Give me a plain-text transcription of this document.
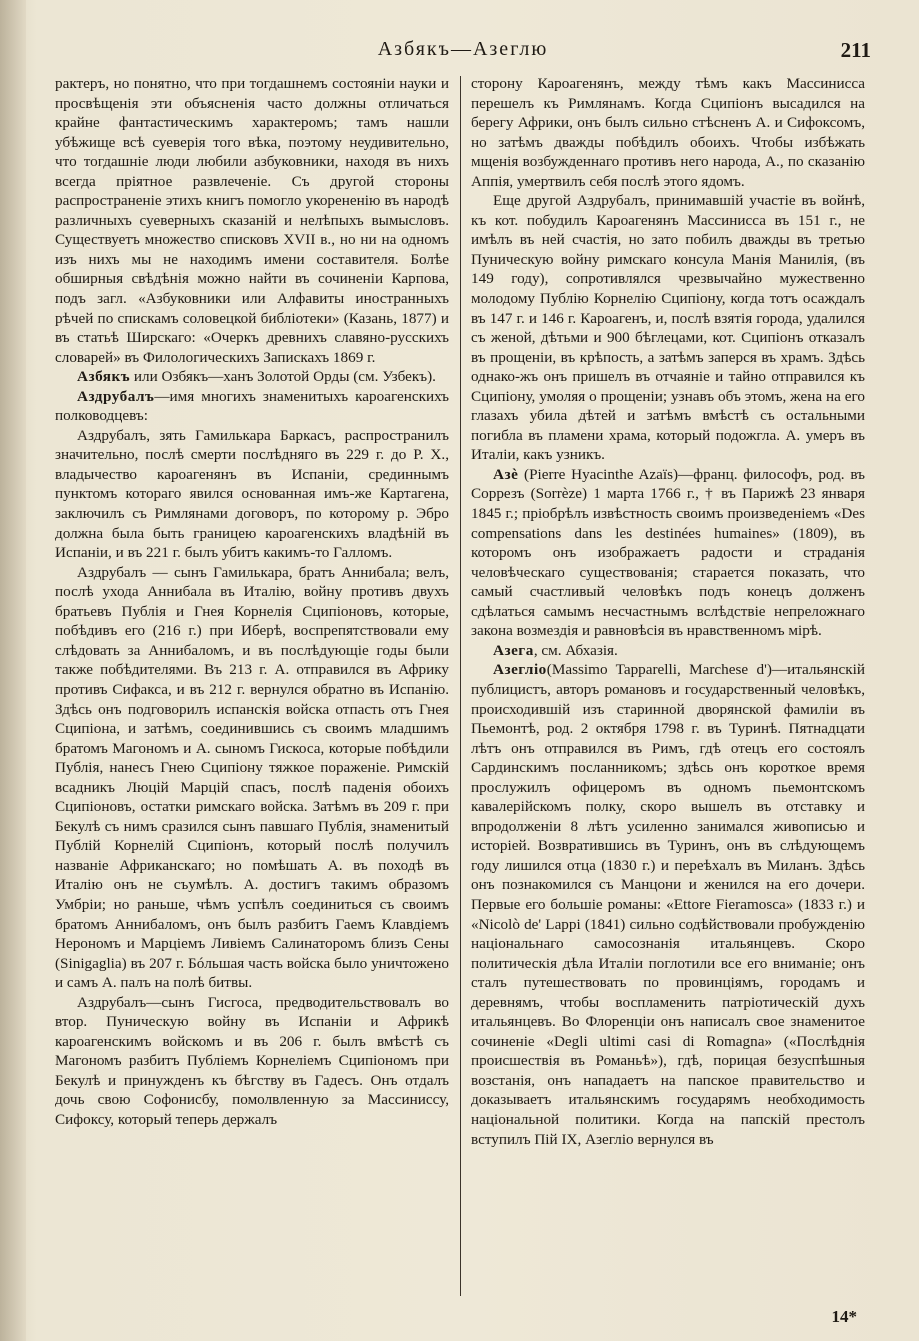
Азбякъ—Азеглю	211

рактеръ, но понятно, что при тогдашнемъ состоянiи науки и просвѣщенiя эти объясненiя часто должны отличаться крайне фантастическимъ характеромъ; тамъ нашли убѣжище всѣ суеверiя того вѣка, поэтому неудивительно, что тогдашнiе люди любили азбуковники, находя въ нихъ всегда прiятное развлеченiе. Съ другой стороны распространенiе этихъ книгъ помогло укорененiю въ народѣ различныхъ суеверныхъ сказанiй и нелѣпыхъ вымысловъ. Существуетъ множество списковъ XVII в., но ни на одномъ изъ нихъ мы не находимъ имени составителя. Болѣе обширныя свѣдѣнiя можно найти въ сочиненiи Карпова, подъ загл. «Азбуковники или Алфавиты иностранныхъ рѣчей по спискамъ соловецкой библiотеки» (Казань, 1877) и въ статьѣ Ширскаго: «Очеркъ древнихъ славяно-русскихъ словарей» въ Филологическихъ Запискахъ 1869 г.

Азбякъ или Озбякъ—ханъ Золотой Орды (см. Узбекъ).

Аздрубалъ—имя многихъ знаменитыхъ кароагенскихъ полководцевъ:

Аздрубалъ, зять Гамилькара Баркасъ, распространилъ значительно, послѣ смерти послѣдняго въ 229 г. до Р. Х., владычество кароагенянъ въ Испанiи, срединнымъ пунктомъ котораго явился основанная имъ-же Картагена, заключилъ съ Римлянами договоръ, по которому р. Эбро должна была быть границею кароагенскихъ владѣнiй въ Испанiи, и въ 221 г. былъ убитъ какимъ-то Галломъ.

Аздрубалъ — сынъ Гамилькара, братъ Аннибала; велъ, послѣ ухода Аннибала въ Италiю, войну противъ двухъ братьевъ Публiя и Гнея Корнелiя Сципiоновъ, которые, побѣдивъ его (216 г.) при Иберѣ, воспрепятствовали ему слѣдовать за Аннибаломъ, и въ послѣдующiе годы были также побѣдителями. Въ 213 г. А. отправился въ Африку противъ Сифакса, и въ 212 г. вернулся обратно въ Испанiю. Здѣсь онъ подговорилъ испанскiя войска отпасть отъ Гнея Сципiона, и затѣмъ, соединившись съ своимъ младшимъ братомъ Магономъ и А. сыномъ Гискоса, которые побѣдили Публiя, нанесъ Гнею Сципiону тяжкое пораженiе. Римскiй всадникъ Люцiй Марцiй спасъ, послѣ паденiя обоихъ Сципiоновъ, остатки римскаго войска. Затѣмъ въ 209 г. при Бекулѣ съ нимъ сразился сынъ павшаго Публiя, знаменитый Публiй Корнелiй Сципiонъ, который послѣ получилъ названiе Африканскаго; но помѣшать А. въ походѣ въ Италiю онъ не съумѣлъ. А. достигъ такимъ образомъ Умбрiи; но раньше, чѣмъ успѣлъ соединиться съ своимъ братомъ Аннибаломъ, онъ былъ разбитъ Гаемъ Клавдiемъ Нерономъ и Марцiемъ Ливiемъ Салинаторомъ близъ Сены (Sinigaglia) въ 207 г. Бóльшая часть войска было уничтожено и самъ А. палъ на полѣ битвы.

Аздрубалъ—сынъ Гисгоса, предводительствовалъ во втор. Пуническую войну въ Испанiи и Африкѣ кароагенскимъ войскомъ и въ 206 г. былъ вмѣстѣ съ Магономъ разбитъ Публiемъ Корнелiемъ Сципiономъ при Бекулѣ и принужденъ къ бѣгству въ Гадесъ. Онъ отдалъ дочь свою Софонисбу, помолвленную за Массиниссу, Сифоксу, который теперь держалъ

сторону Кароагенянъ, между тѣмъ какъ Массинисса перешелъ къ Римлянамъ. Когда Сципiонъ высадился на берегу Африки, онъ былъ сильно стѣсненъ А. и Сифоксомъ, но затѣмъ дважды побѣдилъ обоихъ. Чтобы избѣжать мщенiя возбужденнаго противъ него народа, А., по сказанiю Аппiя, умертвилъ себя послѣ этого ядомъ.

Еще другой Аздрубалъ, принимавшiй участiе въ войнѣ, къ кот. побудилъ Кароагенянъ Массинисса въ 151 г., не имѣлъ въ ней счастiя, но зато побилъ дважды въ третью Пуническую войну римскаго консула Манiя Манилiя, (въ 149 году), сопротивлялся чрезвычайно мужественно молодому Публiю Корнелiю Сципiону, когда тотъ осаждалъ въ 147 г. и 146 г. Кароагенъ, и, послѣ взятiя города, удалился съ женой, дѣтьми и 900 бѣглецами, кот. Сципiонъ отказалъ въ прощенiи, въ крѣпость, а затѣмъ заперся въ храмъ. Здѣсь однако-жъ онъ пришелъ въ отчаянiе и тайно отправился къ Сципiону, умоляя о прощенiи; узнавъ объ этомъ, жена на его глазахъ убила дѣтей и затѣмъ вмѣстѣ съ остальными погибла въ пламени храма, который подожгла. А. умеръ въ Италiи, какъ узникъ.

Азè (Pierre Hyacinthe Azaïs)—франц. философъ, род. въ Соррезъ (Sorrèze) 1 марта 1766 г., † въ Парижѣ 23 января 1845 г.; прiобрѣлъ извѣстность своимъ произведенiемъ «Des compensations dans les destinées humaines» (1809), въ которомъ онъ изображаетъ радости и страданiя человѣческаго существованiя; старается показать, что самый счастливый человѣкъ подъ конецъ долженъ сдѣлаться самымъ несчастнымъ вслѣдствiе непреложнаго закона возмездiя и равновѣсiя въ нравственномъ мiрѣ.

Азега, см. Абхазiя.

Азеглiо(Massimo Tapparelli, Marchese d')—итальянскiй публицистъ, авторъ романовъ и государственный человѣкъ, происходившiй изъ старинной дворянской фамилiи въ Пьемонтѣ, род. 2 октября 1798 г. въ Туринѣ. Пятнадцати лѣтъ онъ отправился въ Римъ, гдѣ отецъ его состоялъ Сардинскимъ посланникомъ; здѣсь онъ короткое время прослужилъ офицеромъ въ одномъ пьемонтскомъ кавалерiйскомъ полку, скоро вышелъ въ отставку и впродолженiи 8 лѣтъ усиленно занимался живописью и исторiей. Возвратившись въ Туринъ, онъ въ слѣдующемъ году лишился отца (1830 г.) и переѣхалъ въ Миланъ. Здѣсь онъ познакомился съ Манцони и женился на его дочери. Первые его большiе романы: «Ettore Fieramosca» (1833 г.) и «Nicolò de' Lappi (1841) сильно содѣйствовали пробужденiю нацiональнаго самосознанiя итальянцевъ. Скоро политическiя дѣла Италiи поглотили все его вниманiе; онъ сталъ путешествовать по провинцiямъ, городамъ и деревнямъ, чтобы воспламенить патрiотическiй духъ итальянцевъ. Во Флоренцiи онъ написалъ свое знаменитое сочиненiе «Degli ultimi casi di Romagna» («Послѣднiя происшествiя въ Романьѣ»), гдѣ, порицая безуспѣшныя возстанiя, онъ нападаетъ на папское правительство и доказываетъ итальянскимъ государямъ необходимость нацiональной политики. Когда на папскiй престолъ вступилъ Пiй IX, Азеглiо вернулся въ

14*
